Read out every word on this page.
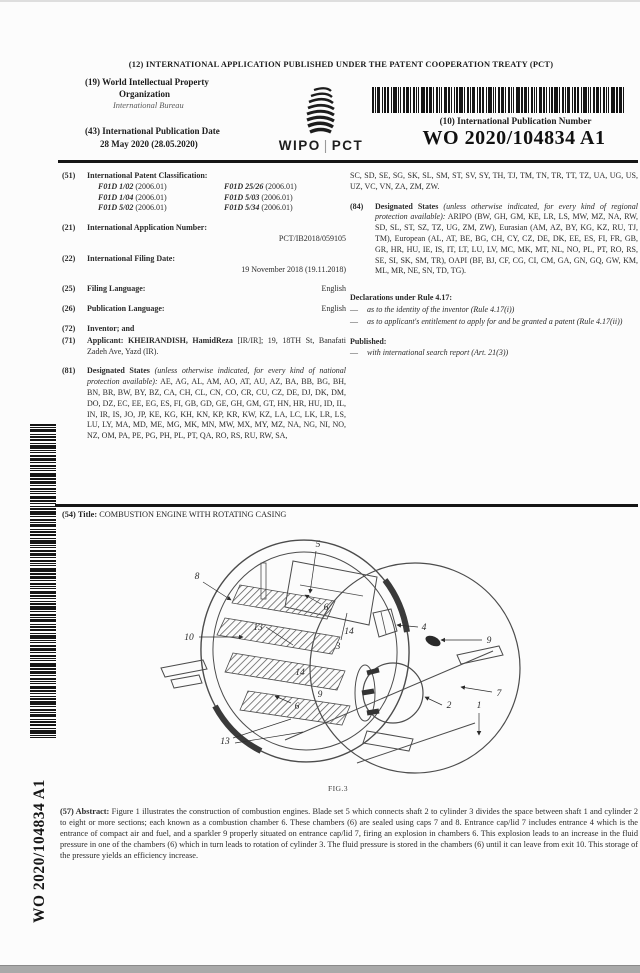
(12) INTERNATIONAL APPLICATION PUBLISHED UNDER THE PATENT COOPERATION TREATY (PCT)
(19) World Intellectual Property
Organization
International Bureau
(43) International Publication Date
28 May 2020 (28.05.2020)	WIPO | PCT
(10) International Publication Number
WO 2020/104834 A1
(51) International Patent Classification:
F01D 1/02 (2006.01)	F01D 25/26 (2006.01)
F01D 1/04 (2006.01)	F01D 5/03 (2006.01)
F01D 5/02 (2006.01)	F01D 5/34 (2006.01)
(21) International Application Number:
PCT/IB2018/059105
(22) International Filing Date:
19 November 2018 (19.11.2018)
(25) Filing Language:	English
(26) Publication Language:	English
(72) Inventor; and
(71) Applicant: KHEIRANDISH, HamidReza [IR/IR]; 19, 18TH St, Banafati Zadeh Ave, Yazd (IR).
(81) Designated States (unless otherwise indicated, for every kind of national protection available): AE, AG, AL, AM, AO, AT, AU, AZ, BA, BB, BG, BH, BN, BR, BW, BY, BZ, CA, CH, CL, CN, CO, CR, CU, CZ, DE, DJ, DK, DM, DO, DZ, EC, EE, EG, ES, FI, GB, GD, GE, GH, GM, GT, HN, HR, HU, ID, IL, IN, IR, IS, JO, JP, KE, KG, KH, KN, KP, KR, KW, KZ, LA, LC, LK, LR, LS, LU, LY, MA, MD, ME, MG, MK, MN, MW, MX, MY, MZ, NA, NG, NI, NO, NZ, OM, PA, PE, PG, PH, PL, PT, QA, RO, RS, RU, RW, SA,
SC, SD, SE, SG, SK, SL, SM, ST, SV, SY, TH, TJ, TM, TN, TR, TT, TZ, UA, UG, US, UZ, VC, VN, ZA, ZM, ZW.
(84) Designated States (unless otherwise indicated, for every kind of regional protection available): ARIPO (BW, GH, GM, KE, LR, LS, MW, MZ, NA, RW, SD, SL, ST, SZ, TZ, UG, ZM, ZW), Eurasian (AM, AZ, BY, KG, KZ, RU, TJ, TM), European (AL, AT, BE, BG, CH, CY, CZ, DE, DK, EE, ES, FI, FR, GB, GR, HR, HU, IE, IS, IT, LT, LU, LV, MC, MK, MT, NL, NO, PL, PT, RO, RS, SE, SI, SK, SM, TR), OAPI (BF, BJ, CF, CG, CI, CM, GA, GN, GQ, GW, KM, ML, MR, NE, SN, TD, TG).
Declarations under Rule 4.17:
— as to the identity of the inventor (Rule 4.17(i))
— as to applicant's entitlement to apply for and be granted a patent (Rule 4.17(ii))
Published:
— with international search report (Art. 21(3))
(54) Title: COMBUSTION ENGINE WITH ROTATING CASING
5
8
10
13
6
14
3
14
9
6
4
9
2
7
1
13
FIG.3
(57) Abstract: Figure 1 illustrates the construction of combustion engines. Blade set 5 which connects shaft 2 to cylinder 3 divides the space between shaft 1 and cylinder 2 to eight or more sections; each known as a combustion chamber 6. These chambers (6) are sealed using caps 7 and 8. Entrance cap/lid 7 includes entrance 4 which is the entrance of compact air and fuel, and a sparkler 9 properly situated on entrance cap/lid 7, firing an explosion in chambers 6. This explosion leads to an increase in the fluid pressure in one of the chambers (6) which in turn leads to rotation of cylinder 3. The fluid pressure is stored in the chambers (6) until it can leave from exit 10. This storage of the pressure yields an efficiency increase.
WO 2020/104834 A1
